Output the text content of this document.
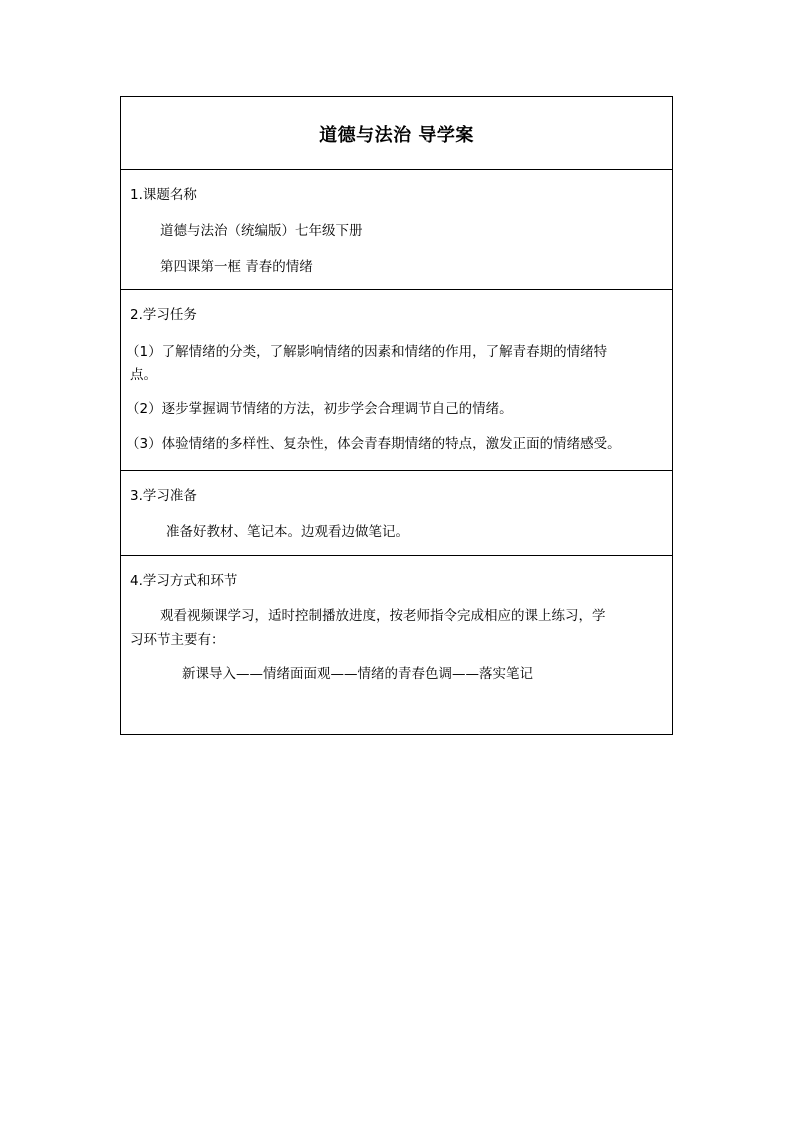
道德与法治 导学案
1.课题名称
道德与法治（统编版）七年级下册
第四课第一框 青春的情绪
2.学习任务
（1）了解情绪的分类，了解影响情绪的因素和情绪的作用，了解青春期的情绪特
点。
（2）逐步掌握调节情绪的方法，初步学会合理调节自己的情绪。
（3）体验情绪的多样性、复杂性，体会青春期情绪的特点，激发正面的情绪感受。
3.学习准备
准备好教材、笔记本。边观看边做笔记。
4.学习方式和环节
观看视频课学习，适时控制播放进度，按老师指令完成相应的课上练习，学
习环节主要有：
新课导入——情绪面面观——情绪的青春色调——落实笔记
